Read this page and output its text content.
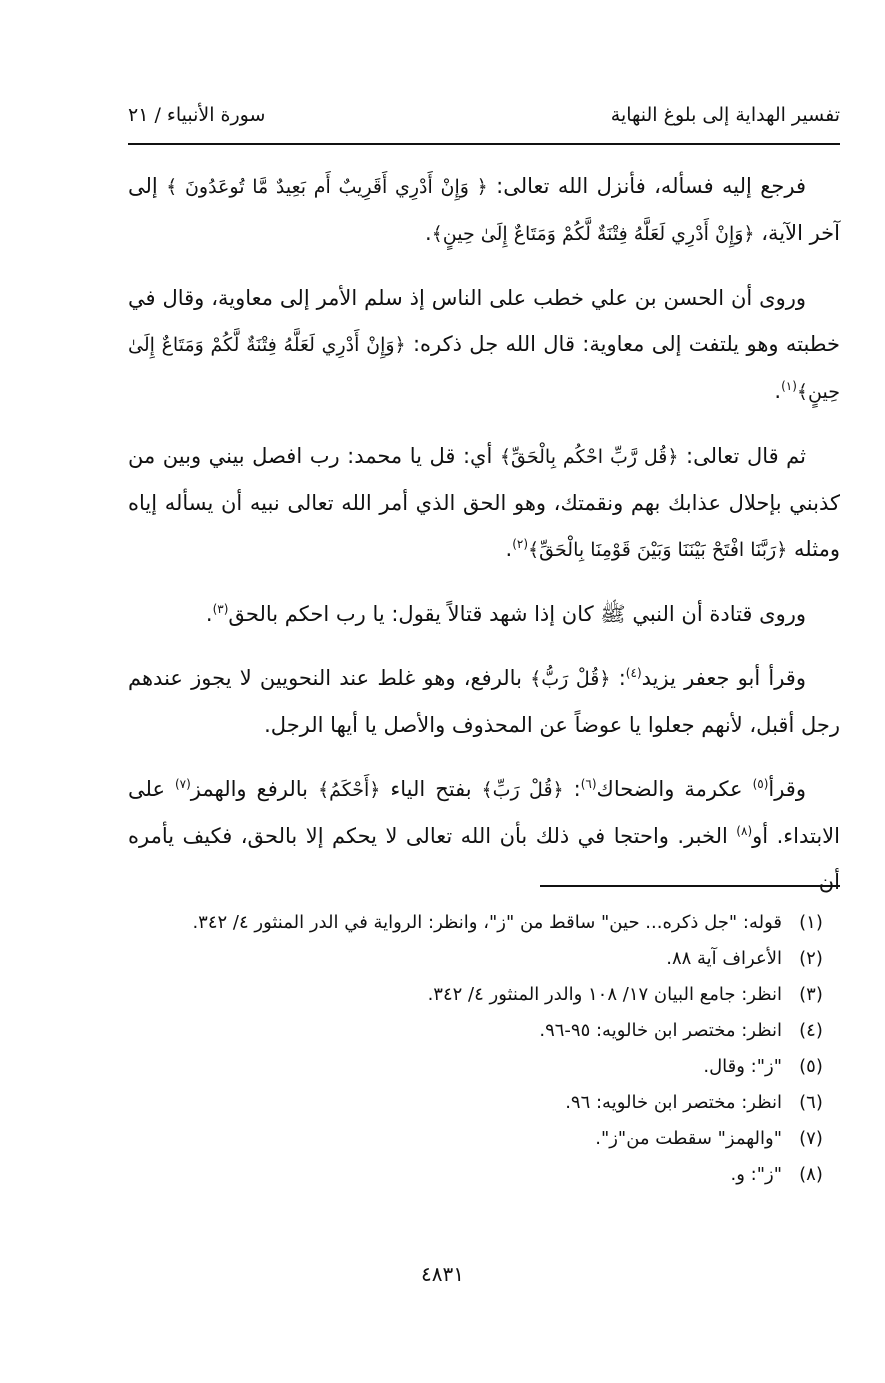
تفسير الهداية إلى بلوغ النهاية
سورة الأنبياء / ٢١

فرجع إليه فسأله، فأنزل الله تعالى: ﴿ وَإِنْ أَدْرِي أَقَرِيبٌ أَم بَعِيدٌ مَّا تُوعَدُونَ ﴾ إلى آخر الآية، ﴿وَإِنْ أَدْرِي لَعَلَّهُ فِتْنَةٌ لَّكُمْ وَمَتَاعٌ إِلَىٰ حِينٍ﴾.

وروى أن الحسن بن علي خطب على الناس إذ سلم الأمر إلى معاوية، وقال في خطبته وهو يلتفت إلى معاوية: قال الله جل ذكره: ﴿وَإِنْ أَدْرِي لَعَلَّهُ فِتْنَةٌ لَّكُمْ وَمَتَاعٌ إِلَىٰ حِينٍ﴾$^{(١)}$.

ثم قال تعالى: ﴿قُل رَّبِّ احْكُم بِالْحَقِّ﴾ أي: قل يا محمد: رب افصل بيني وبين من كذبني بإحلال عذابك بهم ونقمتك، وهو الحق الذي أمر الله تعالى نبيه أن يسأله إياه ومثله ﴿رَبَّنَا افْتَحْ بَيْنَنَا وَبَيْنَ قَوْمِنَا بِالْحَقِّ﴾$^{(٢)}$.

وروى قتادة أن النبي ﷺ كان إذا شهد قتالاً يقول: يا رب احكم بالحق$^{(٣)}$.

وقرأ أبو جعفر يزيد$^{(٤)}$: ﴿قُلْ رَبُّ﴾ بالرفع، وهو غلط عند النحويين لا يجوز عندهم رجل أقبل، لأنهم جعلوا يا عوضاً عن المحذوف والأصل يا أيها الرجل.

وقرأ$^{(٥)}$ عكرمة والضحاك$^{(٦)}$: ﴿قُلْ رَبِّ﴾ بفتح الياء ﴿أَحْكَمُ﴾ بالرفع والهمز$^{(٧)}$ على الابتداء. أو$^{(٨)}$ الخبر. واحتجا في ذلك بأن الله تعالى لا يحكم إلا بالحق، فكيف يأمره أن

(١)
قوله: "جل ذكره... حين" ساقط من "ز"، وانظر: الرواية في الدر المنثور ٤/ ٣٤٢.
(٢)
الأعراف آية ٨٨.
(٣)
انظر: جامع البيان ١٧/ ١٠٨ والدر المنثور ٤/ ٣٤٢.
(٤)
انظر: مختصر ابن خالويه: ٩٥-٩٦.
(٥)
"ز": وقال.
(٦)
انظر: مختصر ابن خالويه: ٩٦.
(٧)
"والهمز" سقطت من"ز".
(٨)
"ز": و.
٤٨٣١
